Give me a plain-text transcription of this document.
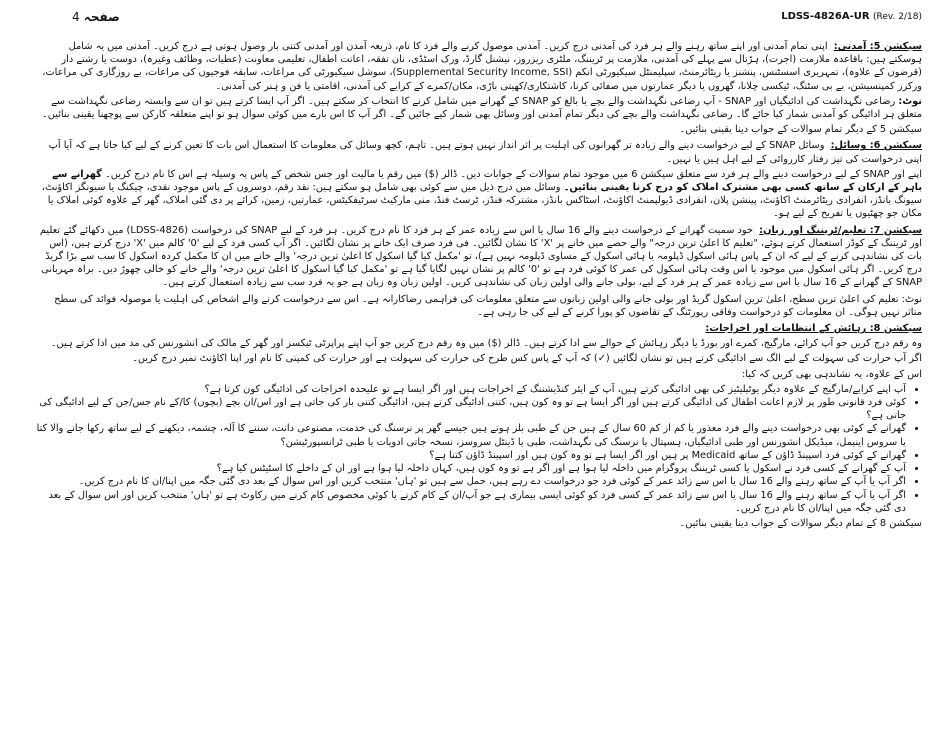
صفحہ 4	LDSS-4826A-UR (Rev. 2/18)

سیکشن 5: آمدنی: اپنی تمام آمدنی اور اپنے ساتھ رہنے والے ہر فرد کی آمدنی درج کریں۔ آمدنی موصول کرنے والے فرد کا نام، ذریعہ آمدن اور آمدنی کتنی بار وصول ہوتی ہے درج کریں۔ آمدنی میں یہ شامل ہوسکتے ہیں: باقاعدہ ملازمت (اجرت)، ہڑتال سے پہلے کی آمدنی، ملازمت پر ٹریننگ، ملٹری ریزروز، نیشنل گارڈ، ورک اسٹڈی، نان نفقہ، اعانت اطفال، تعلیمی معاونت (عطیات، وظائف وغیرہ)، دوست یا رشتے دار (قرضوں کے علاوہ)، تمہریری اسسٹنس، پنشنز یا ریٹائرمنٹ، سپلیمنٹل سیکیورٹی انکم (Supplemental Security Income, SSI)، سوشل سیکیورٹی کی مراعات، سابقہ فوجیوں کی مراعات، بے روزگاری کی مراعات، ورکرز کمپنسیشن، بے بی سٹنگ، ٹیکسی چلانا، گھروں یا دیگر عمارتوں میں صفائی کرنا، کاشتکاری/کھیتی باڑی، مکان/کمرے کے کرایے کی آمدنی، اقامتی یا فن و ہنر کی آمدنی۔

نوٹ: رضاعی نگہداشت کی ادائیگیاں اور SNAP - آپ رضاعی نگہداشت والے بچے یا بالغ کو SNAP کے گھرانے میں شامل کرنے کا انتخاب کر سکتے ہیں۔ اگر آپ ایسا کرتے ہیں تو ان سے وابستہ رضاعی نگہداشت سے متعلق ہر ادائیگی کو آمدنی شمار کیا جائے گا۔ رضاعی نگہداشت والے بچے کی دیگر تمام آمدنی اور وسائل بھی شمار کیے جائیں گے۔ اگر آپ کا اس بارے میں کوئی سوال ہو تو اپنے متعلقہ کارکن سے پوچھنا یقینی بنائیں۔

سیکشن 5 کے دیگر تمام سوالات کے جواب دینا یقینی بنائیں۔

سیکشن 6: وسائل: وسائل SNAP کے لیے درخواست دینے والے زیادہ تر گھرانوں کی اہلیت پر اثر انداز نہیں ہوتے ہیں۔ تاہم، کچھ وسائل کی معلومات کا استعمال اس بات کا تعین کرنے کے لیے کیا جاتا ہے کہ آیا آپ اپنی درخواست کی تیز رفتار کارروائی کے لیے اہل ہیں یا نہیں۔

اپنے اور SNAP کے لیے درخواست دینے والے ہر فرد سے متعلق سیکشن 6 میں موجود تمام سوالات کے جوابات دیں۔ ڈالر ($) میں رقم یا مالیت اور جس شخص کے پاس یہ وسیلہ ہے اس کا نام درج کریں۔ گھرانے سے باہر کے ارکان کے ساتھ کسی بھی مشترک املاک کو درج کرنا یقینی بنائیں۔ وسائل میں درج ذیل میں سے کوئی بھی شامل ہو سکتے ہیں: نقد رقم، دوسروں کے پاس موجود نقدی، چیکنگ یا سیونگز اکاؤنٹ، سیونگ بانڈز، انفرادی ریٹائرمنٹ اکاؤنٹ، پینشن پلان، انفرادی ڈیولپمنٹ اکاؤنٹ، اسٹاکس بانڈز، مشترکہ فنڈز، ٹرسٹ فنڈ، منی مارکیٹ سرٹیفکیٹس، عمارتیں، زمین، کرائے پر دی گئی املاک، گھر کے علاوہ کوئی املاک یا مکان جو چھٹیوں یا تفریح کے لیے ہو۔

سیکشن 7: تعلیم/ٹریننگ اور زبان: خود سمیت گھرانے کے درخواست دینے والے 16 سال یا اس سے زیادہ عمر کے ہر فرد کا نام درج کریں۔ ہر فرد کے لیے SNAP کی درخواست (LDSS-4826) میں دکھائے گئے تعلیم اور ٹریننگ کے کوڈز استعمال کرتے ہوئے، "تعلیم کا اعلیٰ ترین درجہ" والے حصے میں خانے پر 'X' کا نشان لگائیں۔ فی فرد صرف ایک خانے پر نشان لگائیں۔ اگر آپ کسی فرد کے لیے '0' کالم میں 'X' درج کرتے ہیں، (اس بات کی نشاندہی کرنے کے لیے کہ ان کے پاس ہائی اسکول ڈپلومہ یا ہائی اسکول کے مساوی ڈپلومہ نہیں ہے)، تو 'مکمل کیا گیا اسکول کا اعلیٰ ترین درجہ' والے خانے میں ان کا مکمل کردہ اسکول کا سب سے بڑا گریڈ درج کریں۔ اگر ہائی اسکول میں موجود یا اس وقت ہائی اسکول کی عمر کا کوئی فرد ہے تو '0' کالم پر نشان نہیں لگایا گیا ہے تو 'مکمل کیا گیا اسکول کا اعلیٰ ترین درجہ' والے خانے کو خالی چھوڑ دیں۔ براہ مہربانی SNAP کے گھرانے کے 16 سال یا اس سے زیادہ عمر کے ہر فرد کے لیے، بولی جانے والی اولین زبان کی نشاندہی کریں۔ اولین زبان وہ زبان ہے جو یہ فرد سب سے زیادہ استعمال کرتے ہیں۔

نوٹ: تعلیم کی اعلیٰ ترین سطح، اعلیٰ ترین اسکول گریڈ اور بولی جانے والی اولین زبانوں سے متعلق معلومات کی فراہمی رضاکارانہ ہے۔ اس سے درخواست کرنے والے اشخاص کی اہلیت یا موصولہ فوائد کی سطح متاثر نہیں ہوگی۔ ان معلومات کو درخواست وفاقی رپورٹنگ کے تقاضوں کو پورا کرنے کے لیے کی جا رہی ہے۔

سیکشن 8: رہائش کے انتظامات اور اخراجات:

وہ رقم درج کریں جو آپ کرائے، مارگیج، کمرے اور بورڈ یا دیگر رہائش کے حوالے سے ادا کرتے ہیں۔ ڈالر ($) میں وہ رقم درج کریں جو آپ اپنے پراپرٹی ٹیکسز اور گھر کے مالک کی انشورنس کی مد میں ادا کرتے ہیں۔

اگر آپ حرارت کی سہولت کے لیے الگ سے ادائیگی کرتے ہیں تو نشان لگائیں (✓) کہ آپ کے پاس کس طرح کی حرارت کی سہولت ہے اور حرارت کی کمپنی کا نام اور اپنا اکاؤنٹ نمبر درج کریں۔

اس کے علاوہ، یہ نشاندہی بھی کریں کہ کیا:

• آپ اپنے کرایے/مارگیج کے علاوہ دیگر یوٹیلیٹیز کی بھی ادائیگی کرتے ہیں، آپ کے ایئر کنڈیشننگ کے اخراجات ہیں اور اگر ایسا ہے تو علیحدہ اخراجات کی ادائیگی کون کرتا ہے؟
• کوئی فرد قانونی طور پر لازم اعانت اطفال کی ادائیگی کرتے ہیں اور اگر ایسا ہے تو وہ کون ہیں، کتنی ادائیگی کرتے ہیں، ادائیگی کتنی بار کی جاتی ہے اور اس/ان بچے (بچوں) کا/کے نام جس/جن کے لیے ادائیگی کی جاتی ہے؟
• گھرانے کے کوئی بھی درخواست دینے والے فرد معذور یا کم از کم 60 سال کے ہیں جن کے طبی بلز ہوتے ہیں جیسے گھر پر نرسنگ کی خدمت، مصنوعی دانت، سننے کا آلہ، چشمہ، دیکھنے کے لیے ساتھ رکھا جانے والا کتا یا سروس اینیمل، میڈیکل انشورنس اور طبی ادائیگیاں، ہسپتال یا نرسنگ کی نگہداشت، طبی یا ڈینٹل سروسز، نسخہ جاتی ادویات یا طبی ٹرانسپورٹیشن؟
• گھرانے کے کوئی فرد اسپینڈ ڈاؤن کے ساتھ Medicaid پر ہیں اور اگر ایسا ہے تو وہ کون ہیں اور اسپینڈ ڈاؤن کتنا ہے؟
• آپ کے گھرانے کے کسی فرد نے اسکول یا کسی ٹریننگ پروگرام میں داخلہ لیا ہوا ہے اور اگر ہے تو وہ کون ہیں، کہاں داخلہ لیا ہوا ہے اور ان کے داخلے کا اسٹیٹس کیا ہے؟
• اگر آپ یا آپ کے ساتھ رہنے والے 16 سال یا اس سے زائد عمر کے کوئی فرد جو درخواست دے رہے ہیں، حمل سے ہیں تو 'ہاں' منتخب کریں اور اس سوال کے بعد دی گئی جگہ میں اپنا/ان کا نام درج کریں۔
• اگر آپ یا آپ کے ساتھ رہنے والے 16 سال یا اس سے زائد عمر کے کسی فرد کو کوئی ایسی بیماری ہے جو آپ/ان کے کام کرنے یا کوئی مخصوص کام کرنے میں رکاوٹ ہے تو 'ہاں' منتخب کریں اور اس سوال کے بعد دی گئی جگہ میں اپنا/ان کا نام درج کریں۔

سیکشن 8 کے تمام دیگر سوالات کے جواب دینا یقینی بنائیں۔
